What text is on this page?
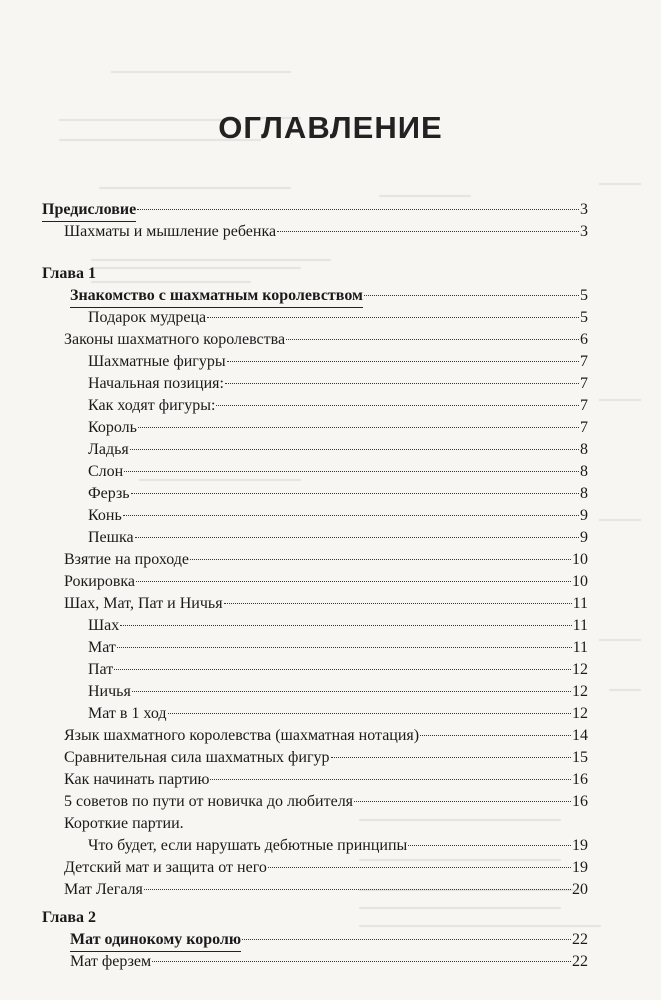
ОГЛАВЛЕНИЕ
Предисловие	3
Шахматы и мышление ребенка	3
Глава 1
Знакомство с шахматным королевством	5
Подарок мудреца	5
Законы шахматного королевства	6
Шахматные фигуры	7
Начальная позиция:	7
Как ходят фигуры:	7
Король	7
Ладья	8
Слон	8
Ферзь	8
Конь	9
Пешка	9
Взятие на проходе	10
Рокировка	10
Шах, Мат, Пат и Ничья	11
Шах	11
Мат	11
Пат	12
Ничья	12
Мат в 1 ход	12
Язык шахматного королевства (шахматная нотация)	14
Сравнительная сила шахматных фигур	15
Как начинать партию	16
5 советов по пути от новичка до любителя	16
Короткие партии.
Что будет, если нарушать дебютные принципы	19
Детский мат и защита от него	19
Мат Легаля	20
Глава 2
Мат одинокому королю	22
Мат ферзем	22
